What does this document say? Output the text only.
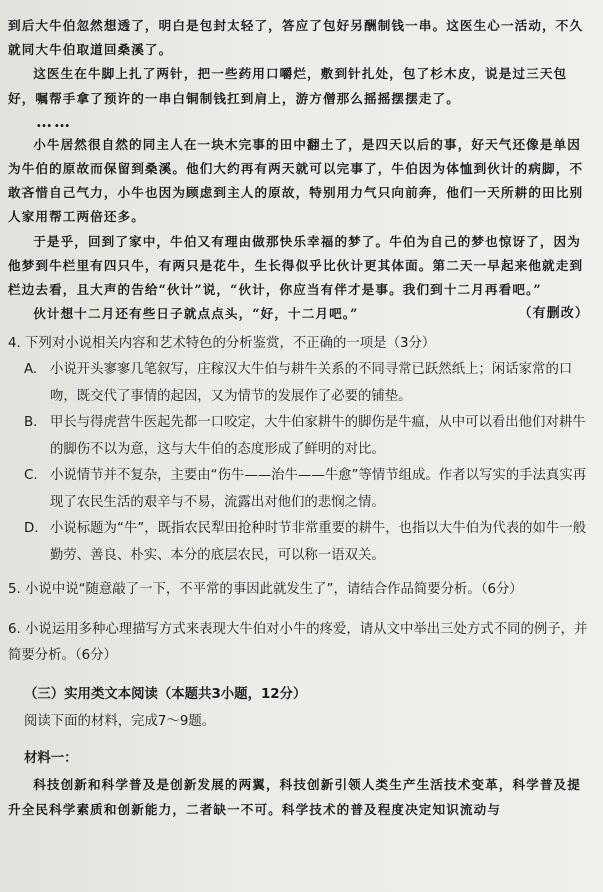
到后大牛伯忽然想透了，明白是包封太轻了，答应了包好另酬制钱一串。这医生心一活动，不久就同大牛伯取道回桑溪了。

这医生在牛脚上扎了两针，把一些药用口嚼烂，敷到针扎处，包了杉木皮，说是过三天包好，嘱帮手拿了预许的一串白铜制钱扛到肩上，游方僧那么摇摇摆摆走了。

……

小牛居然很自然的同主人在一块木完事的田中翻土了，是四天以后的事，好天气还像是单因为牛伯的原故而保留到桑溪。他们大约再有两天就可以完事了，牛伯因为体恤到伙计的病脚，不敢吝惜自己气力，小牛也因为顾虑到主人的原故，特别用力气只向前奔，他们一天所耕的田比别人家用帮工两倍还多。

于是乎，回到了家中，牛伯又有理由做那快乐幸福的梦了。牛伯为自己的梦也惊讶了，因为他梦到牛栏里有四只牛，有两只是花牛，生长得似乎比伙计更其体面。第二天一早起来他就走到栏边去看，且大声的告给“伙计”说，“伙计，你应当有伴才是事。我们到十二月再看吧。”

伙计想十二月还有些日子就点点头，“好，十二月吧。”	（有删改）

4. 下列对小说相关内容和艺术特色的分析鉴赏，不正确的一项是（3分）

A. 小说开头寥寥几笔叙写，庄稼汉大牛伯与耕牛关系的不同寻常已跃然纸上；闲话家常的口吻，既交代了事情的起因，又为情节的发展作了必要的铺垫。

B. 甲长与得虎营牛医起先都一口咬定，大牛伯家耕牛的脚伤是牛瘟，从中可以看出他们对耕牛的脚伤不以为意，这与大牛伯的态度形成了鲜明的对比。

C. 小说情节并不复杂，主要由“伤牛——治牛——牛愈”等情节组成。作者以写实的手法真实再现了农民生活的艰辛与不易，流露出对他们的悲悯之情。

D. 小说标题为“牛”，既指农民犁田抢种时节非常重要的耕牛，也指以大牛伯为代表的如牛一般勤劳、善良、朴实、本分的底层农民，可以称一语双关。

5. 小说中说“随意敲了一下，不平常的事因此就发生了”，请结合作品简要分析。（6分）

6. 小说运用多种心理描写方式来表现大牛伯对小牛的疼爱，请从文中举出三处方式不同的例子，并简要分析。（6分）

（三）实用类文本阅读（本题共3小题，12分）

阅读下面的材料，完成7～9题。

材料一：

科技创新和科学普及是创新发展的两翼，科技创新引领人类生产生活技术变革，科学普及提升全民科学素质和创新能力，二者缺一不可。科学技术的普及程度决定知识流动与
